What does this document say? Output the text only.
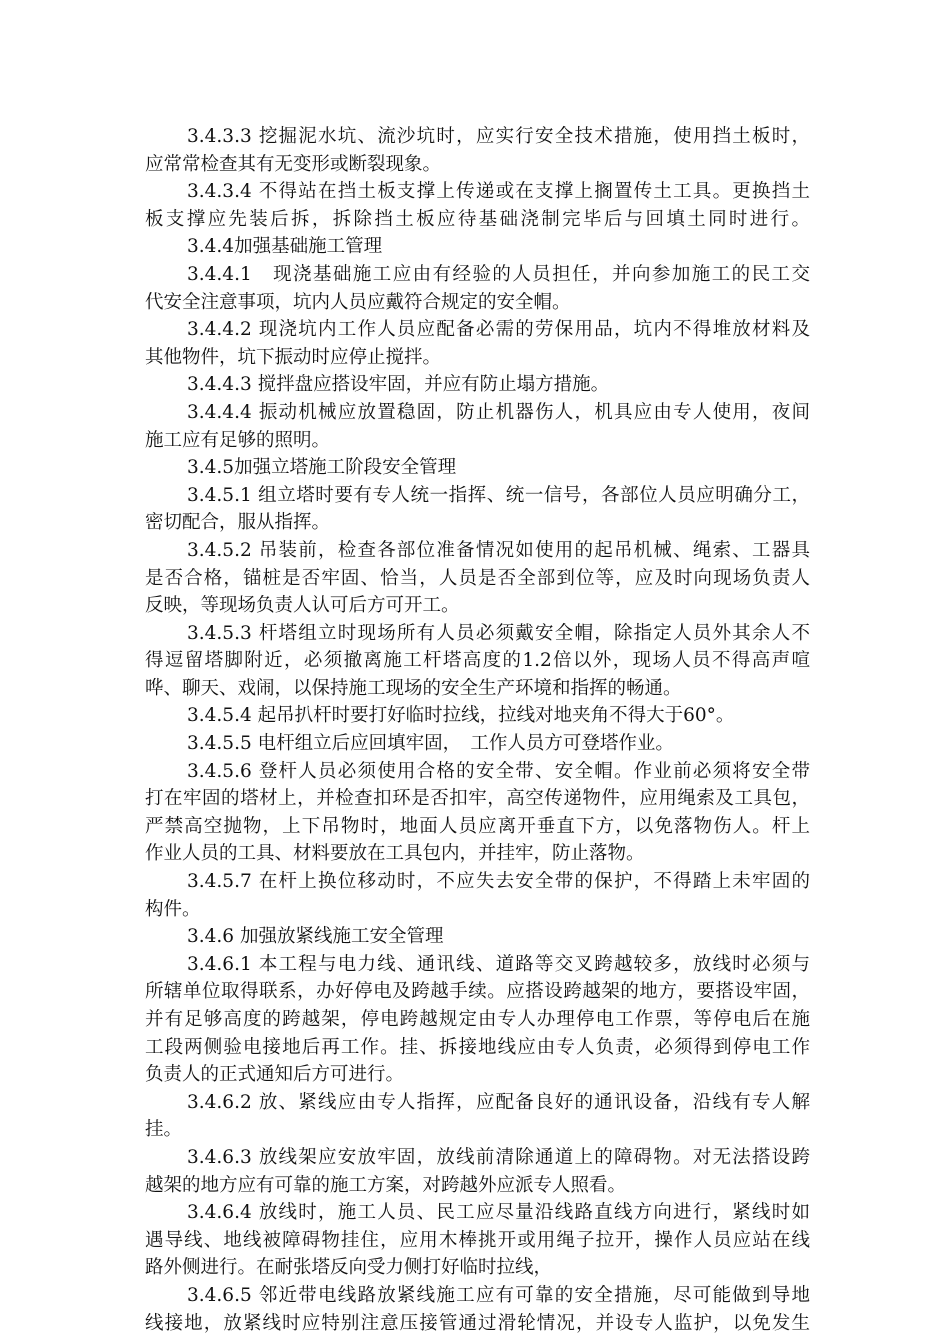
3.4.3.3 挖掘泥水坑、流沙坑时，应实行安全技术措施，使用挡土板时，
应常常检查其有无变形或断裂现象。
3.4.3.4 不得站在挡土板支撑上传递或在支撑上搁置传土工具。更换挡土
板支撑应先装后拆，拆除挡土板应待基础浇制完毕后与回填土同时进行。
3.4.4加强基础施工管理
3.4.4.1　现浇基础施工应由有经验的人员担任，并向参加施工的民工交
代安全注意事项，坑内人员应戴符合规定的安全帽。
3.4.4.2 现浇坑内工作人员应配备必需的劳保用品，坑内不得堆放材料及
其他物件，坑下振动时应停止搅拌。
3.4.4.3 搅拌盘应搭设牢固，并应有防止塌方措施。
3.4.4.4 振动机械应放置稳固，防止机器伤人，机具应由专人使用，夜间
施工应有足够的照明。
3.4.5加强立塔施工阶段安全管理
3.4.5.1 组立塔时要有专人统一指挥、统一信号，各部位人员应明确分工，
密切配合，服从指挥。
3.4.5.2 吊装前，检查各部位准备情况如使用的起吊机械、绳索、工器具
是否合格，锚桩是否牢固、恰当，人员是否全部到位等，应及时向现场负责人
反映，等现场负责人认可后方可开工。
3.4.5.3 杆塔组立时现场所有人员必须戴安全帽，除指定人员外其余人不
得逗留塔脚附近，必须撤离施工杆塔高度的1.2倍以外，现场人员不得高声喧
哗、聊天、戏闹，以保持施工现场的安全生产环境和指挥的畅通。
3.4.5.4 起吊扒杆时要打好临时拉线，拉线对地夹角不得大于60°。
3.4.5.5 电杆组立后应回填牢固，　工作人员方可登塔作业。
3.4.5.6 登杆人员必须使用合格的安全带、安全帽。作业前必须将安全带
打在牢固的塔材上，并检查扣环是否扣牢，高空传递物件，应用绳索及工具包，
严禁高空抛物，上下吊物时，地面人员应离开垂直下方，以免落物伤人。杆上
作业人员的工具、材料要放在工具包内，并挂牢，防止落物。
3.4.5.7 在杆上换位移动时，不应失去安全带的保护，不得踏上未牢固的
构件。
3.4.6 加强放紧线施工安全管理
3.4.6.1 本工程与电力线、通讯线、道路等交叉跨越较多，放线时必须与
所辖单位取得联系，办好停电及跨越手续。应搭设跨越架的地方，要搭设牢固，
并有足够高度的跨越架，停电跨越规定由专人办理停电工作票，等停电后在施
工段两侧验电接地后再工作。挂、拆接地线应由专人负责，必须得到停电工作
负责人的正式通知后方可进行。
3.4.6.2 放、紧线应由专人指挥，应配备良好的通讯设备，沿线有专人解
挂。
3.4.6.3 放线架应安放牢固，放线前清除通道上的障碍物。对无法搭设跨
越架的地方应有可靠的施工方案，对跨越外应派专人照看。
3.4.6.4 放线时，施工人员、民工应尽量沿线路直线方向进行，紧线时如
遇导线、地线被障碍物挂住，应用木棒挑开或用绳子拉开，操作人员应站在线
路外侧进行。在耐张塔反向受力侧打好临时拉线，
3.4.6.5 邻近带电线路放紧线施工应有可靠的安全措施，尽可能做到导地
线接地，放紧线时应特别注意压接管通过滑轮情况，并设专人监护，以免发生
